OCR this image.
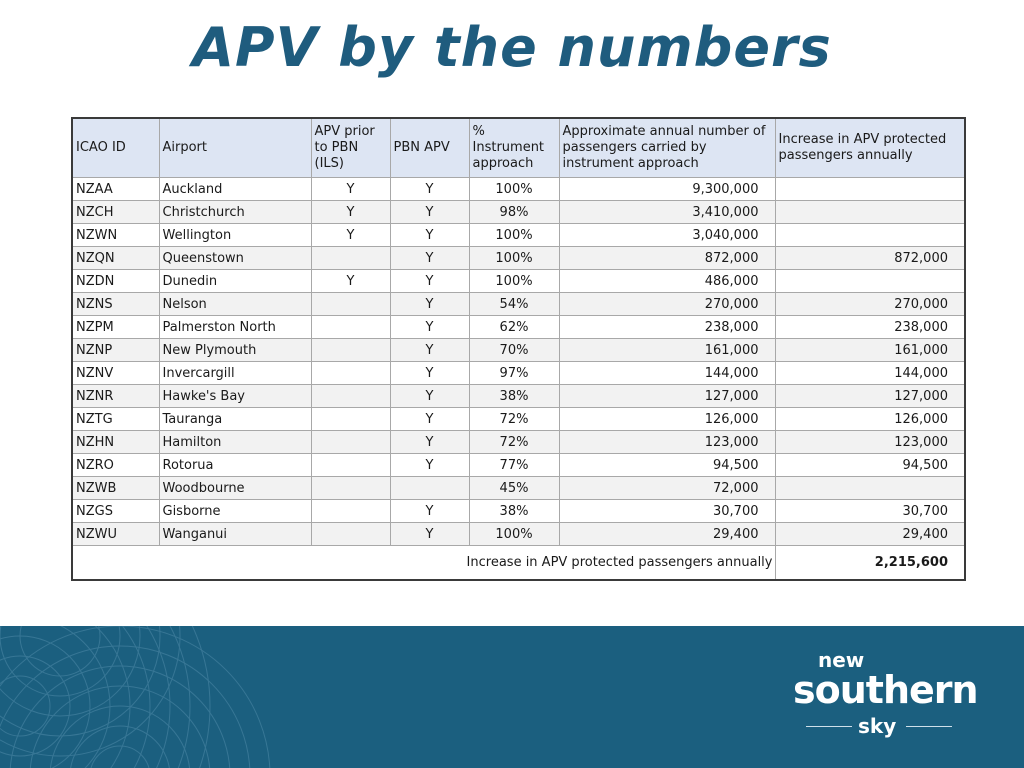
APV by the numbers
ICAO ID	Airport	APV prior to PBN (ILS)	PBN APV	% Instrument approach	Approximate annual number of passengers carried by instrument approach	Increase in APV protected passengers annually
NZAA	Auckland	Y	Y	100%	9,300,000	
NZCH	Christchurch	Y	Y	98%	3,410,000	
NZWN	Wellington	Y	Y	100%	3,040,000	
NZQN	Queenstown		Y	100%	872,000	872,000
NZDN	Dunedin	Y	Y	100%	486,000	
NZNS	Nelson		Y	54%	270,000	270,000
NZPM	Palmerston North		Y	62%	238,000	238,000
NZNP	New Plymouth		Y	70%	161,000	161,000
NZNV	Invercargill		Y	97%	144,000	144,000
NZNR	Hawke's Bay		Y	38%	127,000	127,000
NZTG	Tauranga		Y	72%	126,000	126,000
NZHN	Hamilton		Y	72%	123,000	123,000
NZRO	Rotorua		Y	77%	94,500	94,500
NZWB	Woodbourne			45%	72,000	
NZGS	Gisborne		Y	38%	30,700	30,700
NZWU	Wanganui		Y	100%	29,400	29,400
Increase in APV protected passengers annually						2,215,600
new
southern
sky
